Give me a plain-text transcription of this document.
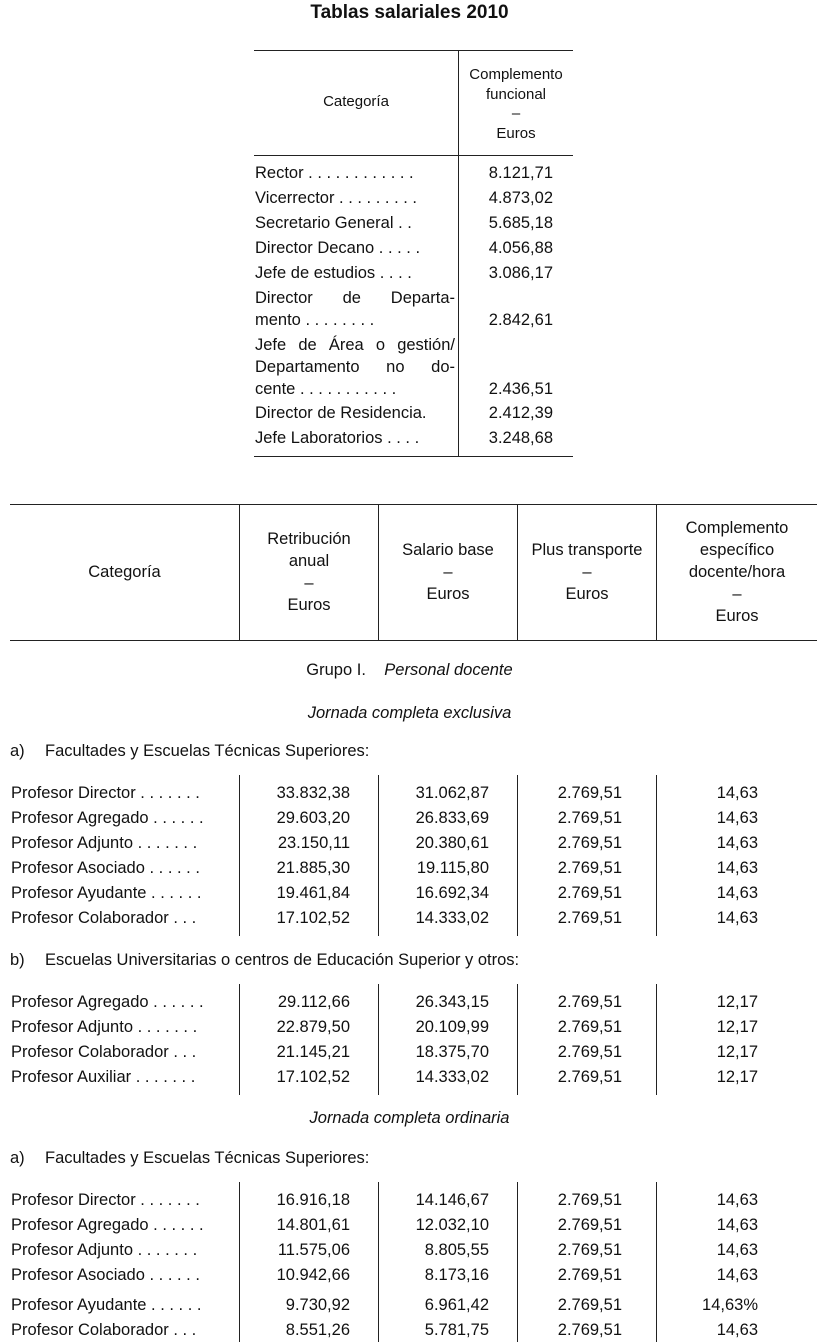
Tablas salariales 2010
Categoría
Complemento
funcional
–
Euros
Rector . . . . . . . . . . . .	8.121,71
Vicerrector . . . . . . . . .	4.873,02
Secretario General . .	5.685,18
Director Decano . . . . .	4.056,88
Jefe de estudios . . . .	3.086,17
Director de Departa-
mento . . . . . . . .	2.842,61
Jefe de Área o gestión/
Departamento no do-
cente . . . . . . . . . . .	2.436,51
Director de Residencia.	2.412,39
Jefe Laboratorios . . . .	3.248,68
Categoría
Retribución
anual
–
Euros
Salario base
–
Euros
Plus transporte
–
Euros
Complemento
específico
docente/hora
–
Euros
Grupo I. Personal docente
Jornada completa exclusiva
Jornada completa ordinaria
a) Facultades y Escuelas Técnicas Superiores:
b) Escuelas Universitarias o centros de Educación Superior y otros:
a) Facultades y Escuelas Técnicas Superiores:
Profesor Director . . . . . . .	33.832,38	31.062,87	2.769,51	14,63
Profesor Agregado . . . . . .	29.603,20	26.833,69	2.769,51	14,63
Profesor Adjunto . . . . . . .	23.150,11	20.380,61	2.769,51	14,63
Profesor Asociado . . . . . .	21.885,30	19.115,80	2.769,51	14,63
Profesor Ayudante . . . . . .	19.461,84	16.692,34	2.769,51	14,63
Profesor Colaborador . . .	17.102,52	14.333,02	2.769,51	14,63
Profesor Agregado . . . . . .	29.112,66	26.343,15	2.769,51	12,17
Profesor Adjunto . . . . . . .	22.879,50	20.109,99	2.769,51	12,17
Profesor Colaborador . . .	21.145,21	18.375,70	2.769,51	12,17
Profesor Auxiliar . . . . . . .	17.102,52	14.333,02	2.769,51	12,17
Profesor Director . . . . . . .	16.916,18	14.146,67	2.769,51	14,63
Profesor Agregado . . . . . .	14.801,61	12.032,10	2.769,51	14,63
Profesor Adjunto . . . . . . .	11.575,06	8.805,55	2.769,51	14,63
Profesor Asociado . . . . . .	10.942,66	8.173,16	2.769,51	14,63
Profesor Ayudante . . . . . .	9.730,92	6.961,42	2.769,51	14,63%
Profesor Colaborador . . .	8.551,26	5.781,75	2.769,51	14,63
